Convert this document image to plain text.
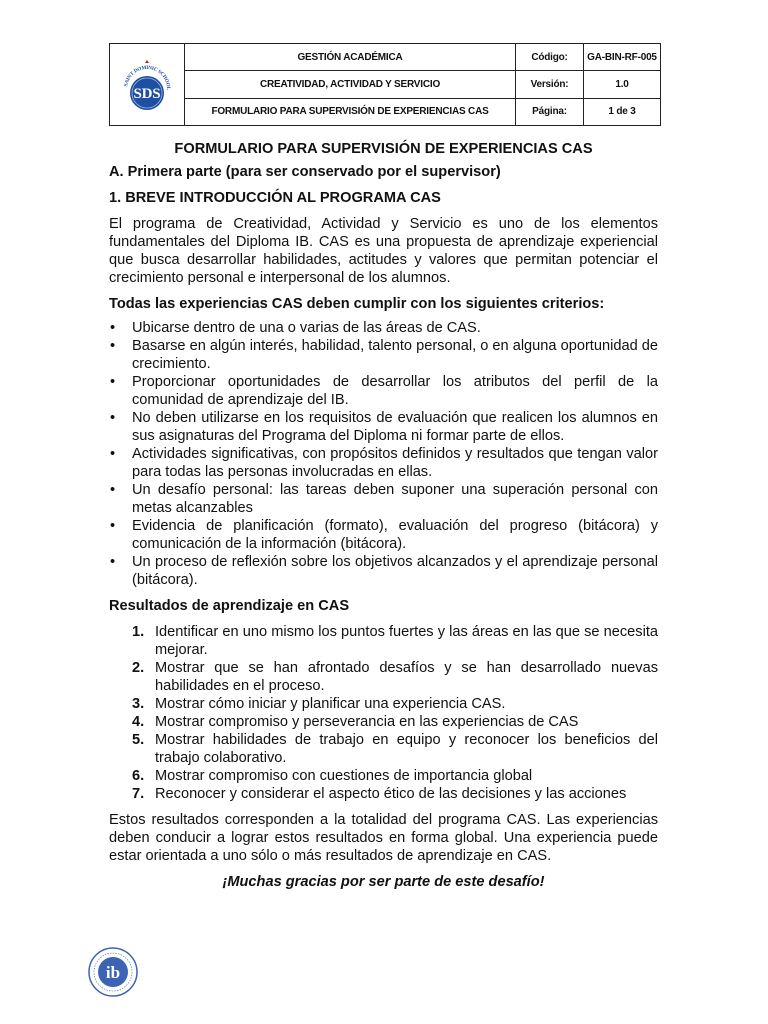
SAINT DOMINIC SCHOOL
SDS	GESTIÓN ACADÉMICA	Código:	GA-BIN-RF-005
	CREATIVIDAD, ACTIVIDAD Y SERVICIO	Versión:	1.0
	FORMULARIO PARA SUPERVISIÓN DE EXPERIENCIAS CAS	Página:	1 de 3
FORMULARIO PARA SUPERVISIÓN DE EXPERIENCIAS CAS
A. Primera parte (para ser conservado por el supervisor)
1. BREVE INTRODUCCIÓN AL PROGRAMA CAS

El programa de Creatividad, Actividad y Servicio es uno de los elementos fundamentales del Diploma IB. CAS es una propuesta de aprendizaje experiencial que busca desarrollar habilidades, actitudes y valores que permitan potenciar el crecimiento personal e interpersonal de los alumnos.

Todas las experiencias CAS deben cumplir con los siguientes criterios:
• Ubicarse dentro de una o varias de las áreas de CAS.
• Basarse en algún interés, habilidad, talento personal, o en alguna oportunidad de crecimiento.
• Proporcionar oportunidades de desarrollar los atributos del perfil de la comunidad de aprendizaje del IB.
• No deben utilizarse en los requisitos de evaluación que realicen los alumnos en sus asignaturas del Programa del Diploma ni formar parte de ellos.
• Actividades significativas, con propósitos definidos y resultados que tengan valor para todas las personas involucradas en ellas.
• Un desafío personal: las tareas deben suponer una superación personal con metas alcanzables
• Evidencia de planificación (formato), evaluación del progreso (bitácora) y comunicación de la información (bitácora).
• Un proceso de reflexión sobre los objetivos alcanzados y el aprendizaje personal (bitácora).
Resultados de aprendizaje en CAS
1. Identificar en uno mismo los puntos fuertes y las áreas en las que se necesita mejorar.
2. Mostrar que se han afrontado desafíos y se han desarrollado nuevas habilidades en el proceso.
3. Mostrar cómo iniciar y planificar una experiencia CAS.
4. Mostrar compromiso y perseverancia en las experiencias de CAS
5. Mostrar habilidades de trabajo en equipo y reconocer los beneficios del trabajo colaborativo.
6. Mostrar compromiso con cuestiones de importancia global
7. Reconocer y considerar el aspecto ético de las decisiones y las acciones

Estos resultados corresponden a la totalidad del programa CAS. Las experiencias deben conducir a lograr estos resultados en forma global. Una experiencia puede estar orientada a uno sólo o más resultados de aprendizaje en CAS.

¡Muchas gracias por ser parte de este desafío!
ib
